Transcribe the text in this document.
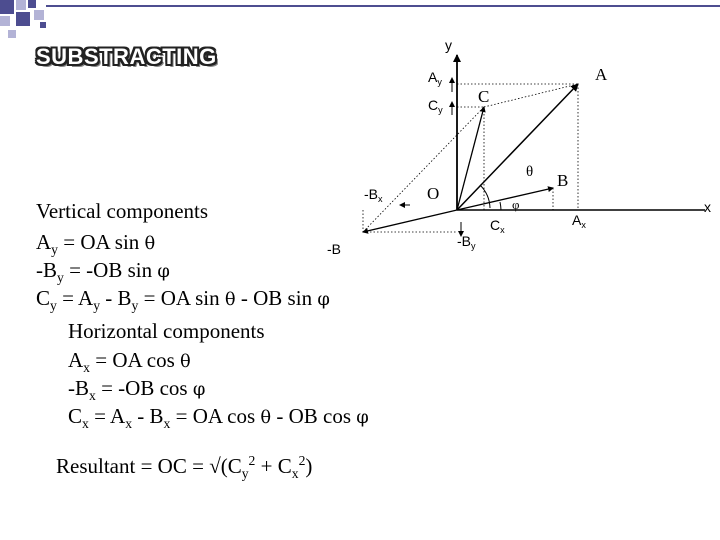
SUBSTRACTING	y
x
A
B
C
-B
O
θ
φ
$A_y$
$C_y$
$-B_x$
$-B_y$
$C_x$
$A_x$
Vertical components
$A_y$ = OA sin θ
$-B_y = -OB$ sin φ
$C_y = A_y - B_y$ = OA sin θ - OB sin φ
Horizontal components
$A_x$ = OA cos θ
$-B_x = -OB$ cos φ
$C_x = A_x - B_x$ = OA cos θ - OB cos φ
Resultant = OC = $√(C_y^2 + C_x^2)$
